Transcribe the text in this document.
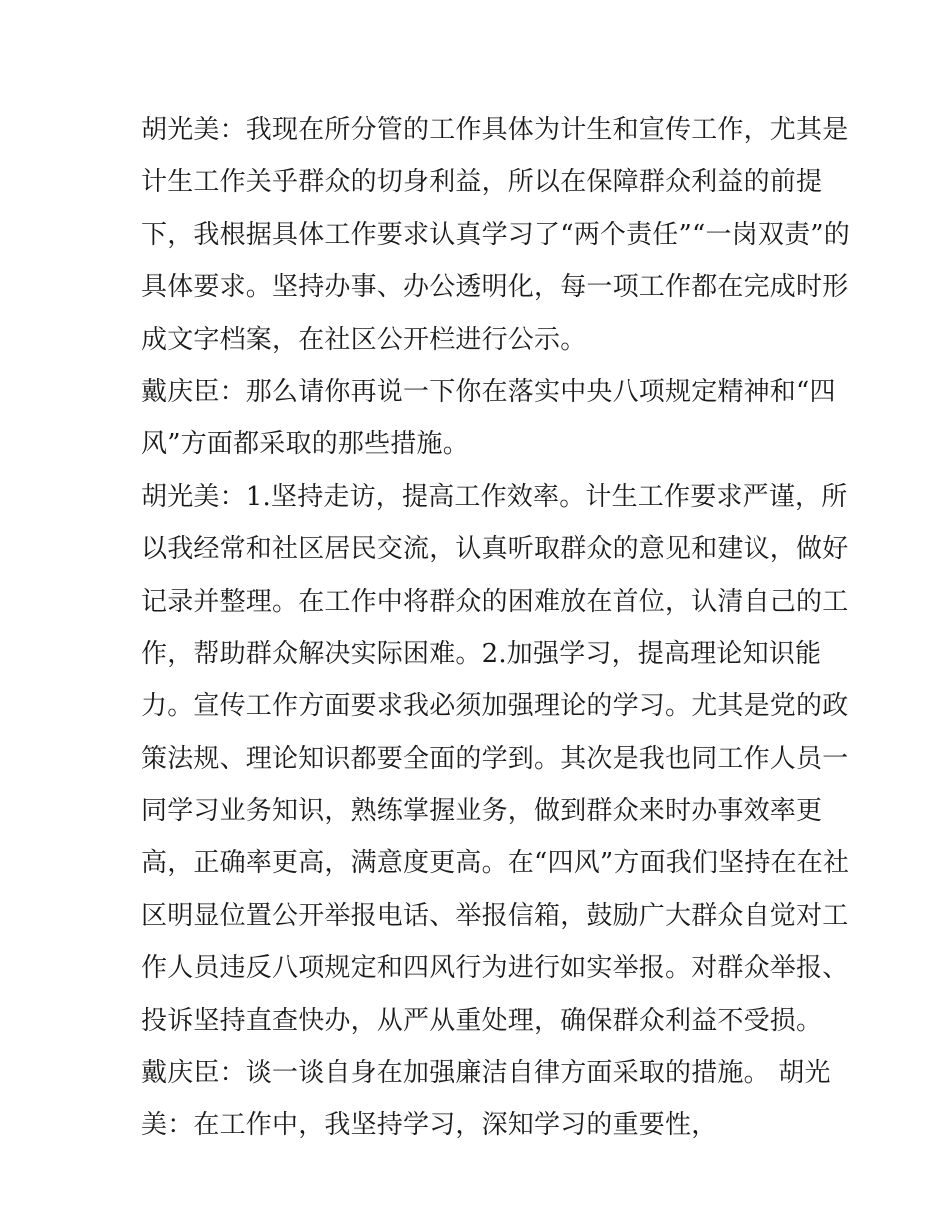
胡光美：我现在所分管的工作具体为计生和宣传工作，尤其是
计生工作关乎群众的切身利益，所以在保障群众利益的前提
下，我根据具体工作要求认真学习了“两个责任”“一岗双责”的
具体要求。坚持办事、办公透明化，每一项工作都在完成时形
成文字档案，在社区公开栏进行公示。
戴庆臣：那么请你再说一下你在落实中央八项规定精神和“四
风”方面都采取的那些措施。
胡光美：1.坚持走访，提高工作效率。计生工作要求严谨，所
以我经常和社区居民交流，认真听取群众的意见和建议，做好
记录并整理。在工作中将群众的困难放在首位，认清自己的工
作，帮助群众解决实际困难。2.加强学习，提高理论知识能
力。宣传工作方面要求我必须加强理论的学习。尤其是党的政
策法规、理论知识都要全面的学到。其次是我也同工作人员一
同学习业务知识，熟练掌握业务，做到群众来时办事效率更
高，正确率更高，满意度更高。在“四风”方面我们坚持在在社
区明显位置公开举报电话、举报信箱，鼓励广大群众自觉对工
作人员违反八项规定和四风行为进行如实举报。对群众举报、
投诉坚持直查快办，从严从重处理，确保群众利益不受损。
戴庆臣：谈一谈自身在加强廉洁自律方面采取的措施。 胡光
美：在工作中，我坚持学习，深知学习的重要性，
